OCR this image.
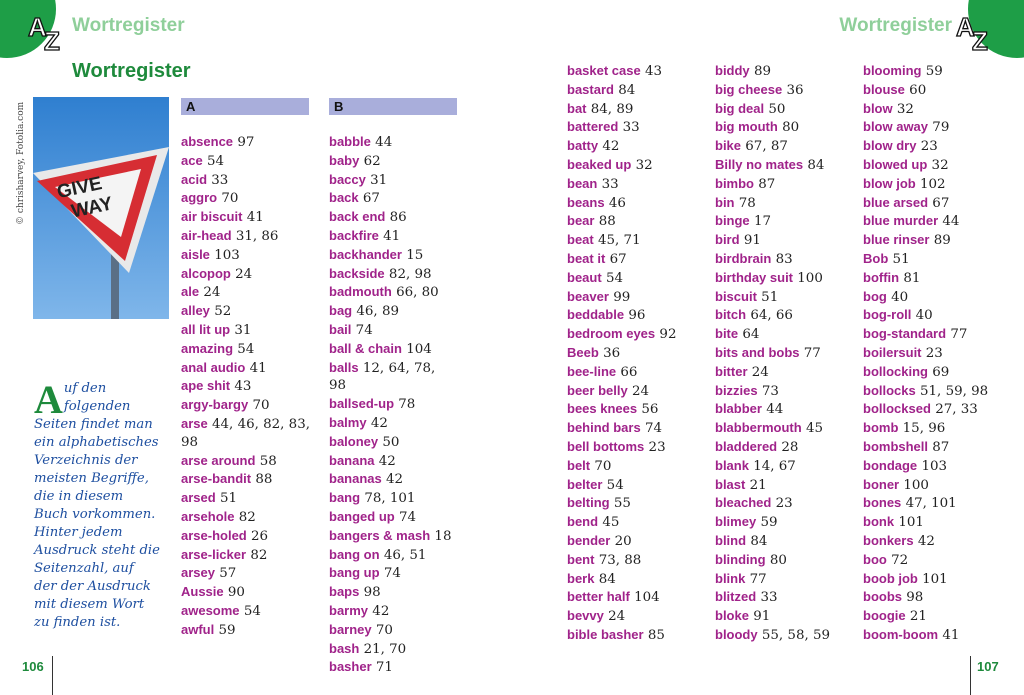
A
Z	A
Z
Wortregister	Wortregister
Wortregister
© chrisharvey, Fotolia.com GIVE
WAY
Auf den folgenden Seiten findet man ein alphabetisches Verzeichnis der meisten Begriffe, die in diesem Buch vorkommen. Hinter jedem Ausdruck steht die Seitenzahl, auf der der Ausdruck mit diesem Wort zu finden ist.
A	B
absence 97
ace 54
acid 33
aggro 70
air biscuit 41
air-head 31, 86
aisle 103
alcopop 24
ale 24
alley 52
all lit up 31
amazing 54
anal audio 41
ape shit 43
argy-bargy 70
arse 44, 46, 82, 83, 98
arse around 58
arse-bandit 88
arsed 51
arsehole 82
arse-holed 26
arse-licker 82
arsey 57
Aussie 90
awesome 54
awful 59
babble 44
baby 62
baccy 31
back 67
back end 86
backfire 41
backhander 15
backside 82, 98
badmouth 66, 80
bag 46, 89
bail 74
ball & chain 104
balls 12, 64, 78, 98
ballsed-up 78
balmy 42
baloney 50
banana 42
bananas 42
bang 78, 101
banged up 74
bangers & mash 18
bang on 46, 51
bang up 74
baps 98
barmy 42
barney 70
bash 21, 70
basher 71
basket case 43
bastard 84
bat 84, 89
battered 33
batty 42
beaked up 32
bean 33
beans 46
bear 88
beat 45, 71
beat it 67
beaut 54
beaver 99
beddable 96
bedroom eyes 92
Beeb 36
bee-line 66
beer belly 24
bees knees 56
behind bars 74
bell bottoms 23
belt 70
belter 54
belting 55
bend 45
bender 20
bent 73, 88
berk 84
better half 104
bevvy 24
bible basher 85
biddy 89
big cheese 36
big deal 50
big mouth 80
bike 67, 87
Billy no mates 84
bimbo 87
bin 78
binge 17
bird 91
birdbrain 83
birthday suit 100
biscuit 51
bitch 64, 66
bite 64
bits and bobs 77
bitter 24
bizzies 73
blabber 44
blabbermouth 45
bladdered 28
blank 14, 67
blast 21
bleached 23
blimey 59
blind 84
blinding 80
blink 77
blitzed 33
bloke 91
bloody 55, 58, 59
blooming 59
blouse 60
blow 32
blow away 79
blow dry 23
blowed up 32
blow job 102
blue arsed 67
blue murder 44
blue rinser 89
Bob 51
boffin 81
bog 40
bog-roll 40
bog-standard 77
boilersuit 23
bollocking 69
bollocks 51, 59, 98
bollocksed 27, 33
bomb 15, 96
bombshell 87
bondage 103
boner 100
bones 47, 101
bonk 101
bonkers 42
boo 72
boob job 101
boobs 98
boogie 21
boom-boom 41
106	107
